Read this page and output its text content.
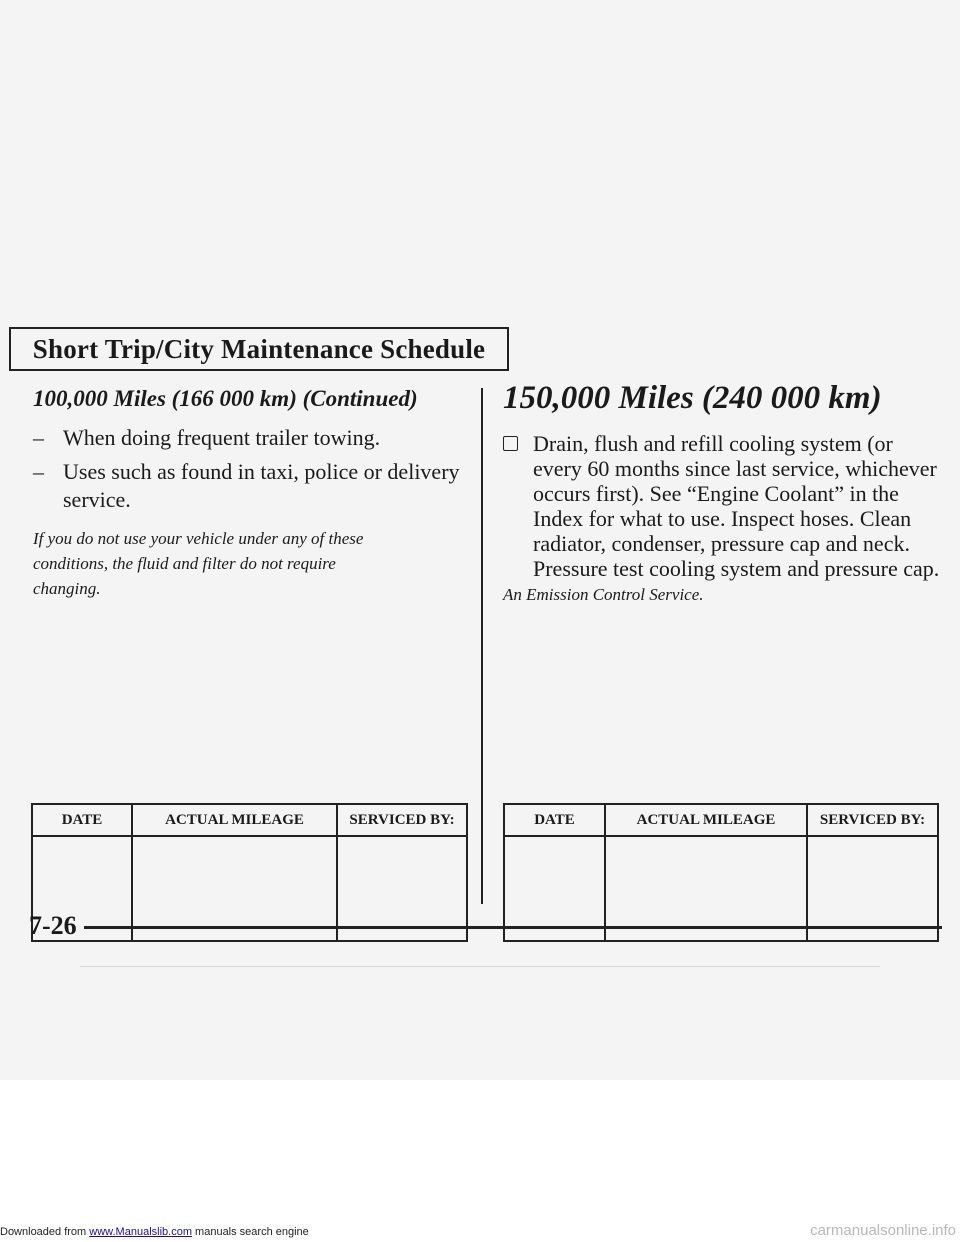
Short Trip/City Maintenance Schedule

100,000 Miles (166 000 km) (Continued)

– When doing frequent trailer towing.
– Uses such as found in taxi, police or delivery service.
If you do not use your vehicle under any of these conditions, the fluid and filter do not require changing.

150,000 Miles (240 000 km)

Drain, flush and refill cooling system (or every 60 months since last service, whichever occurs first). See “Engine Coolant” in the Index for what to use. Inspect hoses. Clean radiator, condenser, pressure cap and neck. Pressure test cooling system and pressure cap.
An Emission Control Service.
DATE	ACTUAL MILEAGE	SERVICED BY:
			DATE	ACTUAL MILEAGE	SERVICED BY:

7-26
Downloaded from www.Manualslib.com manuals search engine	carmanualsonline.info
